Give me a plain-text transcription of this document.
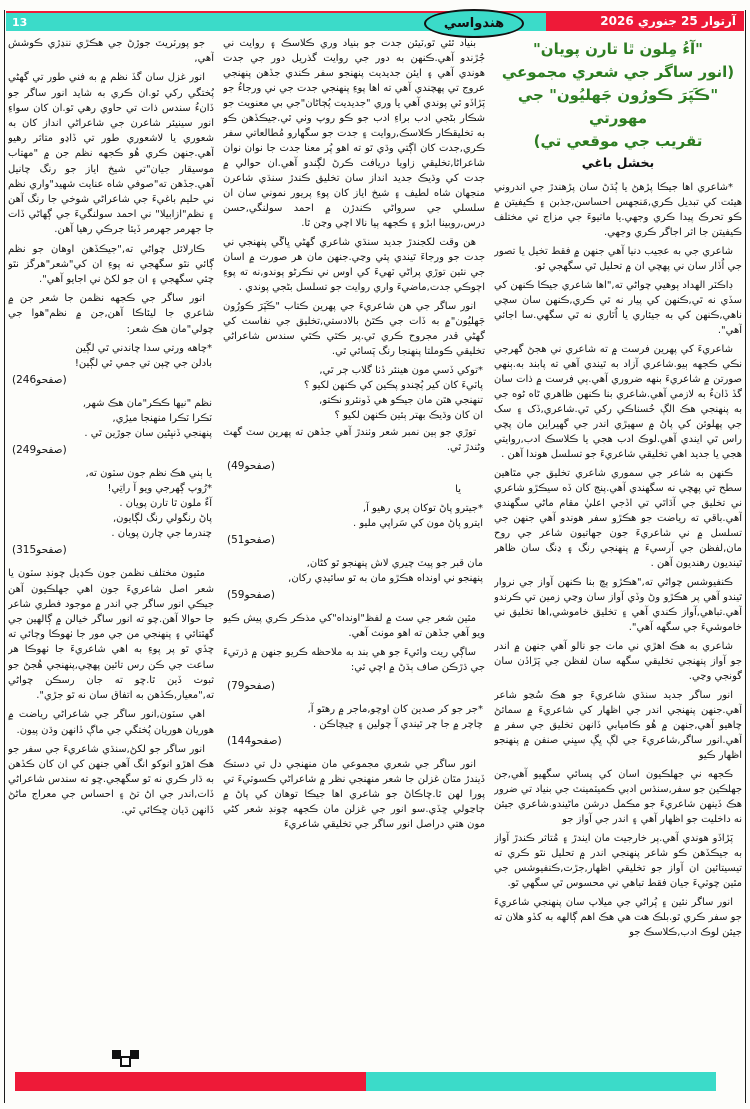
13	هندواسي	آرتوار 25 جنوري 2026
"آءُ مِلون ٿا تارن پويان"
(انور ساگر جي شعري مجموعي
"ڪَپَرَ ڪورُون جَهليُون" جي مهورتي
تقريب جي موقعي تي)
بخشل باغي

*شاعري اها جيڪا پڙهڻ يا ٻُڌڻ سان پڙهندڙ جي اندروني هيئت کي تبديل ڪري,مَنجهس احساسن,جذبن ۽ ڪيفيتن ۾ ڪو تحرڪ پيدا ڪري وجهي.يا ماٺيوءَ جي مزاج تي مختلف ڪيفيتن جا اثر اجاگر ڪري وجهي.

شاعري جي به عجيب دنيا آهي جنهن ۾ فقط تخيل يا تصور جي اُڏار سان ني پهچي ان ۾ تحليل ٿي سگهجي ٿو.

ڊاڪٽر الهداد ٻوهيي چواڻي ته,"اها شاعري جيڪا ڪنهن کي سڏي نه ٿي,ڪنهن کي پيار نه ٿي ڪري,ڪنهن سان سچي ناهي,ڪنهن کي به جيئاري يا اُٿاري نه ٿي سگهي.سا اجائي آهي".

شاعريءَ کي پهرين فرست ۾ ته شاعري ني هجڻ گهرجي نڪي ڪجهه ٻيو.شاعري آزاد به ٿيندي آهي ته پابند به.ٻنهي صورتن ۾ شاعريءَ بنهه ضروري آهي.ٻي فرست ۾ ذات سان گڏ ڏانءُ به لازمي آهي.شاعري بنا ڪنهن ظاهري ڻاه ڻوه جي به پنهنجي هڪ الڳ حُسناڪي رکي ٿي.شاعري,ڏک ۽ سک جي پهلوئن کي پاڻ ۾ سهيڙي اندر جي گهيراين مان پچي راس ٿي ايندي آهي.لوڪ ادب هجي يا ڪلاسڪ ادب,روايتي هجي يا جديد اهي تخليقي شاعريءَ جو تسلسل هوندا آهن .

ڪنهن به شاعر جي سموري شاعري تخليق جي مٿاهين سطح تي پهچي نه سگهندي آهي.پنج کان ڏه سيڪڙو شاعري ني تخليق جي آڌاٿي تي اڏجي اعليٰ مقام ماڻي سگهندي آهي.باقي ته رياضت جو هڪڙو سفر هوندو آهي جنهن جي تسلسل ۾ ني شاعريءَ جون جهاتيون شاعر جي روح مان,لفظن جي آرسيءَ ۾ پنهنجي رنگ ۽ ڍنگ سان ظاهر ٿينديون رهنديون آهن .

ڪنفيوشس چواڻي ته,"هڪڙو ٻچ بنا ڪنهن آواز جي نروار ٿيندو آهي پر هڪڙو وڻ وڏي آواز سان وڃي زمين تي ڪرندو آهي.تباهي,آواز ڪندي آهي ۽ تخليق خاموشي,اها تخليق ني خاموشيءَ جي سگهه آهي".

شاعري به هڪ اهڙي ني ماٺ جو نالو آهي جنهن ۾ اندر جو آواز پنهنجي تخليقي سگهه سان لفظن جي پَڙاڏن سان گونجي وڃي.

انور ساگر جديد سنڌي شاعريءَ جو هڪ سُڃو شاعر آهي.جنهن پنهنجي اندر جي اظهار کي شاعريءَ ۾ سمائڻ چاهيو آهي,جنهن ۾ هُو ڪاميابي ڏانهن تخليق جي سفر ۾ آهي.انور ساگر,شاعريءَ جي لڳ ڀڳ سڀني صنفن ۾ پنهنجو اظهار ڪيو

ڪجهه ني جهلڪيون اسان کي پسائي سگهيو آهي,جن جهلڪين جو سفر,سنڌس ادبي ڪميٽمينٽ جي بنياد تي ضرور هڪ ڏينهن شاعريءَ جو مڪمل درشن ماڻيندو.شاعري جيئن نه داخليت جو اظهار آهي ۽ اندر جي آواز جو

پَڙاڏو هوندي آهي.پر خارجيت مان ايندڙ ۽ مُتاثر ڪندڙ آواز به جيڪڏهن ڪو شاعر پنهنجي اندر ۾ تحليل نٿو ڪري ته تيسيتائين ان آواز جو تخليقي اظهار,جڙت,ڪنفيوشس جي مٿين چوٽيءَ جيان فقط تباهي ني محسوس ٿي سگهي ٿو.

انور ساگر نئين ۽ پُراڻي جي ميلاپ سان پنهنجي شاعريءَ جو سفر ڪري ٿو.بلڪ هت هي هڪ اهم ڳالهه به کڏو هلان ته جيئن لوڪ ادب,ڪلاسڪ جو

بنياد ٿئي ٿو,ٽيئن جدت جو بنياد وري ڪلاسڪ ۽ روايت ني جُڙندو آهي.ڪنهن به دور جي روايت گذريل دور جي جدت هوندي آهي ۽ ايئن جديديت پنهنجو سفر ڪندي جڏهن پنهنجي عروج تي پهچندي آهي ته اها پوءِ پنهنجي جدت جي ني ورجاءُ جو پَڙاڏو ٿي پوندي آهي يا وري "جديديت پُڄاڻان"جي بي معنويت جو شڪار بڻجي ادب براءِ ادب جو ڪو روپ وٺي ٿي.جيڪڏهن ڪو به تخليقڪار ڪلاسڪ,روايت ۽ جدت جو سگهارو مُطالعاتي سفر ڪري,جدت کان اڳتي وڌي ٿو ته اهو پُر معنا جدت جا نوان نوان شاعراڻا,تخليقي زاويا دريافت ڪرڻ لڳندو آهي.ان حوالي ۾ جدت کي وڌيڪ جديد انداز سان تخليق ڪندڙ سنڌي شاعرن منجهان شاه لطيف ۽ شيخ اياز کان پوءِ پريور نموني سان ان سلسلي جي سرواڻي ڪندڙن ۾ احمد سولنگي,حسن درس,روبينا ابڙو ۽ ڪجهه ٻيا نالا اچي وڃن ٿا.

هن وقت لکجندڙ جديد سنڌي شاعري گهڻي ڀاڱي پنهنجي ني جدت جو ورجاءَ ٿيندي پئي وڃي.جنهن مان هر صورت ۾ اسان جي نئين توڙي پراڻي ٽهيءَ کي اوس ني نڪرڻو پوندو,نه ته پوءِ اڄوڪي جدت,ماضيءَ واري روايت جو تسلسل بڻجي پوندي .

انور ساگر جي هن شاعريءَ جي پهرين ڪتاب "ڪَپَرَ ڪورُون جَهليُون"۾ به ڏات جي ڪٿڻ بالادستي,تخليق جي نفاست کي گهڻي قدر مجروح ڪري ٿي.پر ڪٿي ڪٿي سندس شاعراڻي تخليقي ڪوملتا پنهنجا رنگ پَسائي ٿي.

*توکي ڏسي مون هينئر ڏٺا گلاب ڄر ٿي,
پاٽيءَ کان کير ٻُچندو پڪين کي ڪنهن لکيو ؟
تنهنجي هٿن مان جيڪو هي ڏونئرو نڪتو,
ان کان وڌيڪ بهتر ٻئين ڪنهن لکيو ؟

توڙي جو ٻين نمبر شعر وٺندڙ آهي جڏهن ته پهرين سٽ گهٽ وڻندڙ ٿي.

(صفحو49)
يا
*جيترو پاڻ توکان پري رهيو آ,
ايترو پاڻ مون کي سَراپي مليو .
(صفحو51)
مان قبر جو پيٽ چيري لاش پنهنجو ٿو کڻان,
پنهنجو ني اونداه هڪڙو مان به ٿو سائيڊي رکان,
(صفحو59)

مٿين شعر جي سٽ ۾ لفظ"اونداه"کي مذڪر ڪري پيش ڪيو ويو آهي جڏهن ته اهو مونث آهي.

ساڳي ريت وائيءَ جو هي بند به ملاحظه ڪريو جنهن ۾ ڌرتيءَ جي ڌڙڪن صاف ٻڌڻ ۾ اچي ٿي:

(صفحو79)
*جر جو کر صدين کان اوچو,ماجر ۾ رهٿو آ,
چاچر ۾ جا چر ٿيندي آ چولين ۽ چيچاڪن .
(صفحو144)

انور ساگر جي شعري مجموعي مان منهنجي دل تي دستڪ ڏيندڙ مٿان غزلن جا شعر منهنجي نظر ۾ شاعراڻي ڪسوٽيءَ تي پورا لهن ٿا.ڇاڪاڻ جو شاعري اها جيڪا توهان کي پاڻ ۾ ڄاڃولي ڇڏي.سو انور جي غزلن مان ڪجهه چونڊ شعر کڻي مون هتي دراصل انور ساگر جي تخليقي شاعريءَ

جو پورٽريٽ جوڙڻ جي هڪڙي ننڍڙي ڪوشش آهي,

انور غزل سان گڏ نظم ۾ به فني طور تي گهڻي پُختگي رکي ٿو.ان ڪري به شايد انور ساگر جو ڏانءُ سندس ذات تي حاوي رهي ٿو.ان کان سواءِ انور سينيئر شاعرن جي شاعراڻي انداز کان به شعوري يا لاشعوري طور تي ڏاڍو متاثر رهيو آهي.جنهن ڪري هُو ڪجهه نظم جن ۾ "مهتاب موسيقار جيان"تي شيخ اياز جو رنگ چانيل آهي.جڏهن ته"صوفي شاه عنايت شهيد"واري نظم ني حليم باغيءَ جي شاعراڻي شوخي جا رنگ آهن ۽ نظم"ازابيلا" ني احمد سولنگيءَ جي ڳهاڻي ڏات جا جهرمر جهرمر ڏيئا جرڪي رهيا آهن.

ڪارلائل چواڻي ته,"جيڪڏهن اوهان جو نظم ڳائي نٿو سگهجي نه پوءِ ان کي"شعر"هرگز نٿو چئي سگهجي ۽ ان جو لکڻ ني اجايو آهي".

انور ساگر جي ڪجهه نظمن جا شعر جن ۾ شاعري جا ليئاڪا آهن,جن ۾ نظم"هوا جي چولي"مان هڪ شعر:

*چاهه ورتي سدا چاندني ٿي لڳين
بادلن جي چپن تي جمي ٿي لڳين!
(صفحو246)
نظم "نيها ڪڪر"مان هڪ شهر,
ٽڪرا ٽڪرا منهنجا ميڙي,
پنهنجي ڏنڀڻين سان جوڙين ٿي .
(صفحو249)
يا ٻني هڪ نظم جون سٽون ته,
*رُوپ ڳهرجي ويو آ راتِي!
آءٌ ملون ٿا تارن پويان .
پاڻ رنگولي رنگ لڳايون,
چندرما جي چارن پويان .
(صفحو315)

مٿيون مختلف نظمن جون ڪڍيل چونڊ سٽون يا شعر اصل شاعريءَ جون اهي جهلڪيون آهن جيڪي انور ساگر جي اندر ۾ موجود فطري شاعر جا حوالا آهن.چو ته انور ساگر خيالن ۾ ڳالهين جي گهٽتائي ۽ پنهنجي من جي مور جا ٺهوڪا وڄائي ته ڇڏي ٿو پر پوءِ به اهي شاعريءَ جا ٺهوڪا هر ساعت جي ڪن رس تائين پهچي,پنهنجي هُجڻ جو ثبوت ڏين ٿا.ڇو ته جان رسڪن چواڻي ته,"معيار,ڪڏهن به اتفاق سان نه ٿو جڙي".

اهي سٽون,انور ساگر جي شاعراڻي رياضت ۾ هوريان هوريان پُختگي جي ماڳ ڏانهن وڌن پيون.

انور ساگر جو لکڻ,سنڌي شاعريءَ جي سفر جو هڪ اهڙو انوکو انگ آهي جنهن کي ان کان ڪڏهن به ڌار ڪري نه ٿو سگهجي.ڇو ته سندس شاعراڻي ڏات,اندر جي اڻ تڻ ۽ احساس جي معراج ماڻڻ ڏانهن ڌيان ڇڪائي ٿي.
